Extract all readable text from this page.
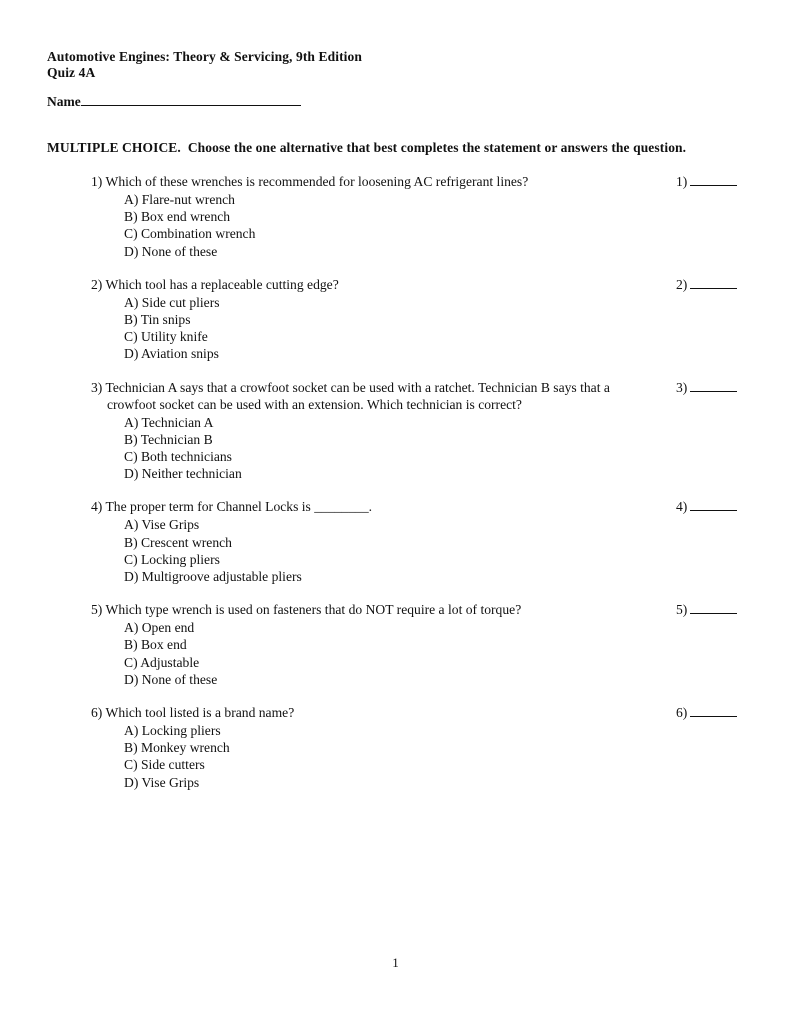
Automotive Engines: Theory & Servicing, 9th Edition
Quiz 4A
Name
MULTIPLE CHOICE.  Choose the one alternative that best completes the statement or answers the question.
1) Which of these wrenches is recommended for loosening AC refrigerant lines?	1)
A) Flare-nut wrench
B) Box end wrench
C) Combination wrench
D) None of these
2) Which tool has a replaceable cutting edge?	2)
A) Side cut pliers
B) Tin snips
C) Utility knife
D) Aviation snips
3) Technician A says that a crowfoot socket can be used with a ratchet. Technician B says that a crowfoot socket can be used with an extension. Which technician is correct?
3)
A) Technician A
B) Technician B
C) Both technicians
D) Neither technician
4) The proper term for Channel Locks is ________.	4)
A) Vise Grips
B) Crescent wrench
C) Locking pliers
D) Multigroove adjustable pliers
5) Which type wrench is used on fasteners that do NOT require a lot of torque?	5)
A) Open end
B) Box end
C) Adjustable
D) None of these
6) Which tool listed is a brand name?	6)
A) Locking pliers
B) Monkey wrench
C) Side cutters
D) Vise Grips
1
